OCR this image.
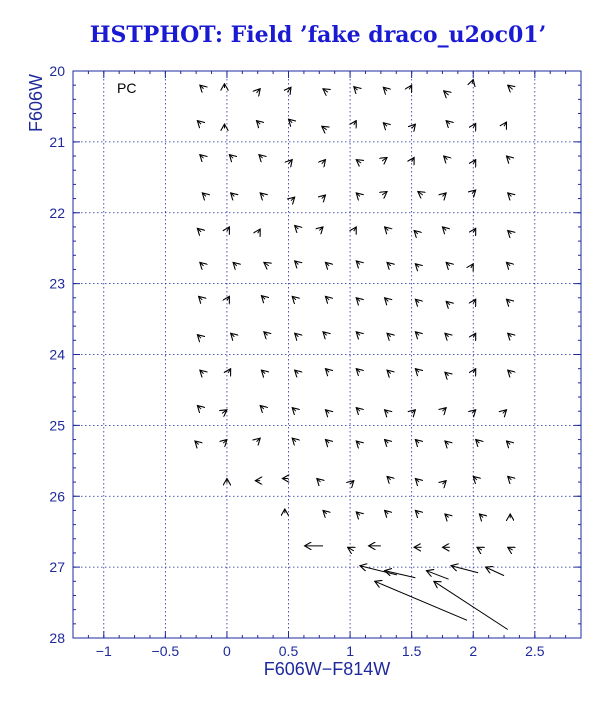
HSTPHOT: Field ’fake draco_u2oc01’
−1	−0.5	0	0.5	1	1.5	2	2.5
20
21
22
23
24
25
26
27
28
PC
F606W−F814W
F606W
